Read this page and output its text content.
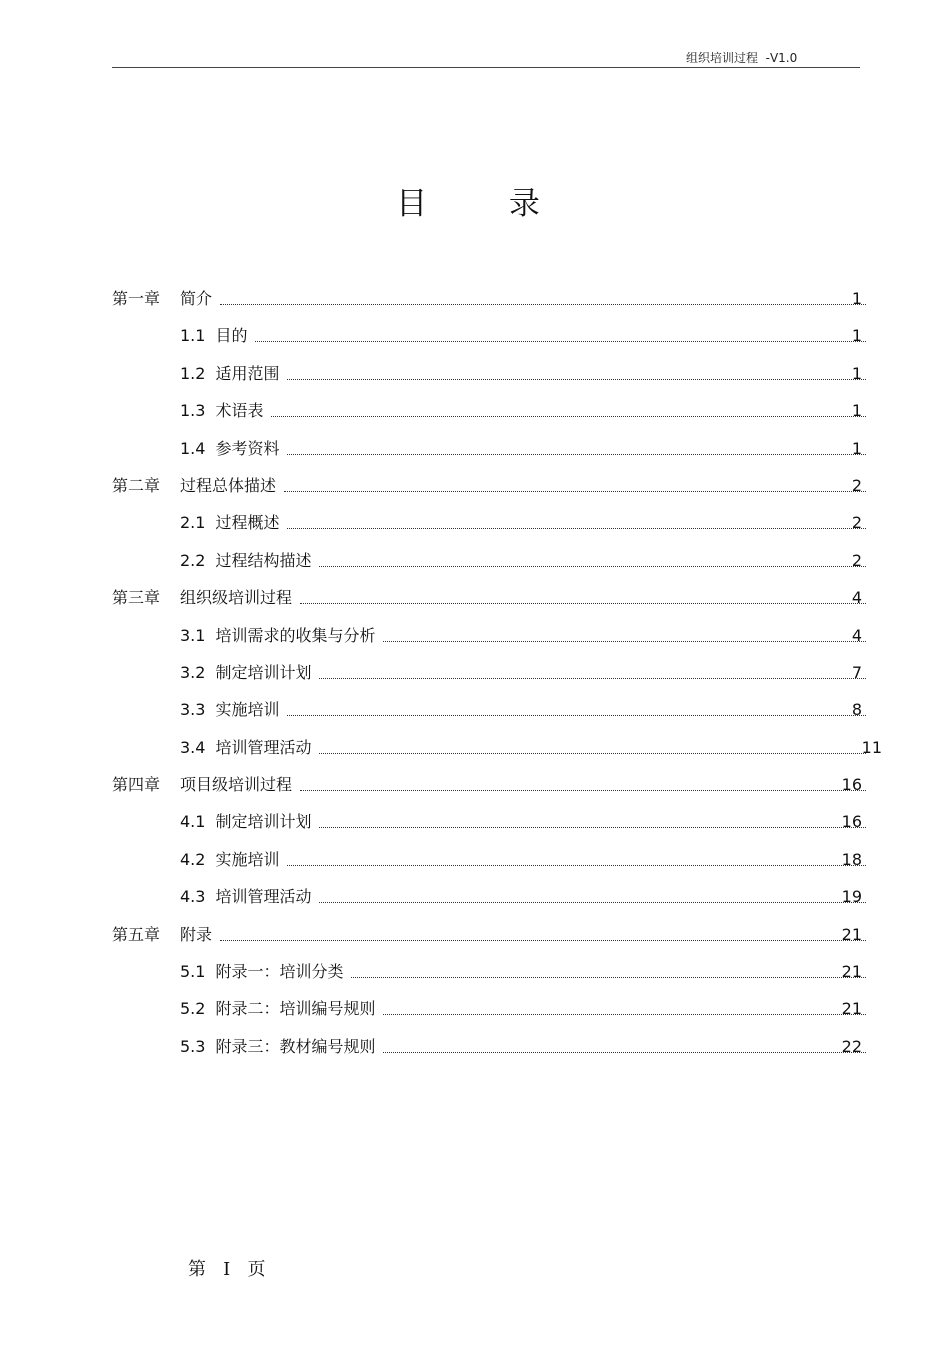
组织培训过程  -V1.0
目 录
第一章 简介	1
1.1 目的	1
1.2 适用范围	1
1.3 术语表	1
1.4 参考资料	1
第二章 过程总体描述	2
2.1 过程概述	2
2.2 过程结构描述	2
第三章 组织级培训过程	4
3.1 培训需求的收集与分析	4
3.2 制定培训计划	7
3.3 实施培训	8
3.4 培训管理活动	11
第四章 项目级培训过程	16
4.1 制定培训计划	16
4.2 实施培训	18
4.3 培训管理活动	19
第五章 附录	21
5.1 附录一：培训分类	21
5.2 附录二：培训编号规则	21
5.3 附录三：教材编号规则	22
第   I   页
